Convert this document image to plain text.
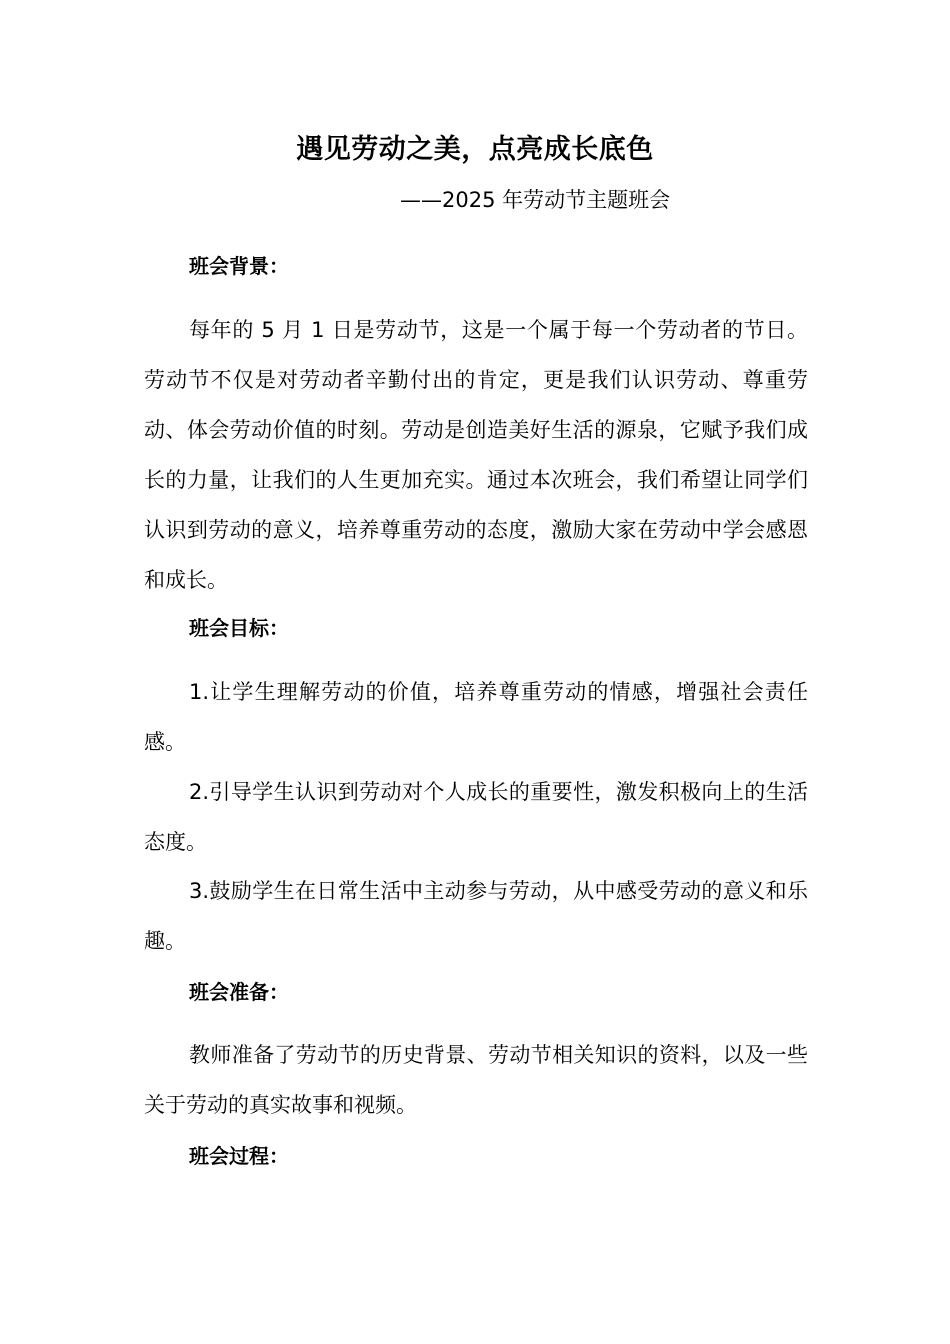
遇见劳动之美，点亮成长底色
——2025 年劳动节主题班会
班会背景：
每年的 5 月 1 日是劳动节，这是一个属于每一个劳动者的节日。劳动节不仅是对劳动者辛勤付出的肯定，更是我们认识劳动、尊重劳动、体会劳动价值的时刻。劳动是创造美好生活的源泉，它赋予我们成长的力量，让我们的人生更加充实。通过本次班会，我们希望让同学们认识到劳动的意义，培养尊重劳动的态度，激励大家在劳动中学会感恩和成长。
班会目标：
1.让学生理解劳动的价值，培养尊重劳动的情感，增强社会责任感。
2.引导学生认识到劳动对个人成长的重要性，激发积极向上的生活态度。
3.鼓励学生在日常生活中主动参与劳动，从中感受劳动的意义和乐趣。
班会准备：
教师准备了劳动节的历史背景、劳动节相关知识的资料，以及一些关于劳动的真实故事和视频。
班会过程：
